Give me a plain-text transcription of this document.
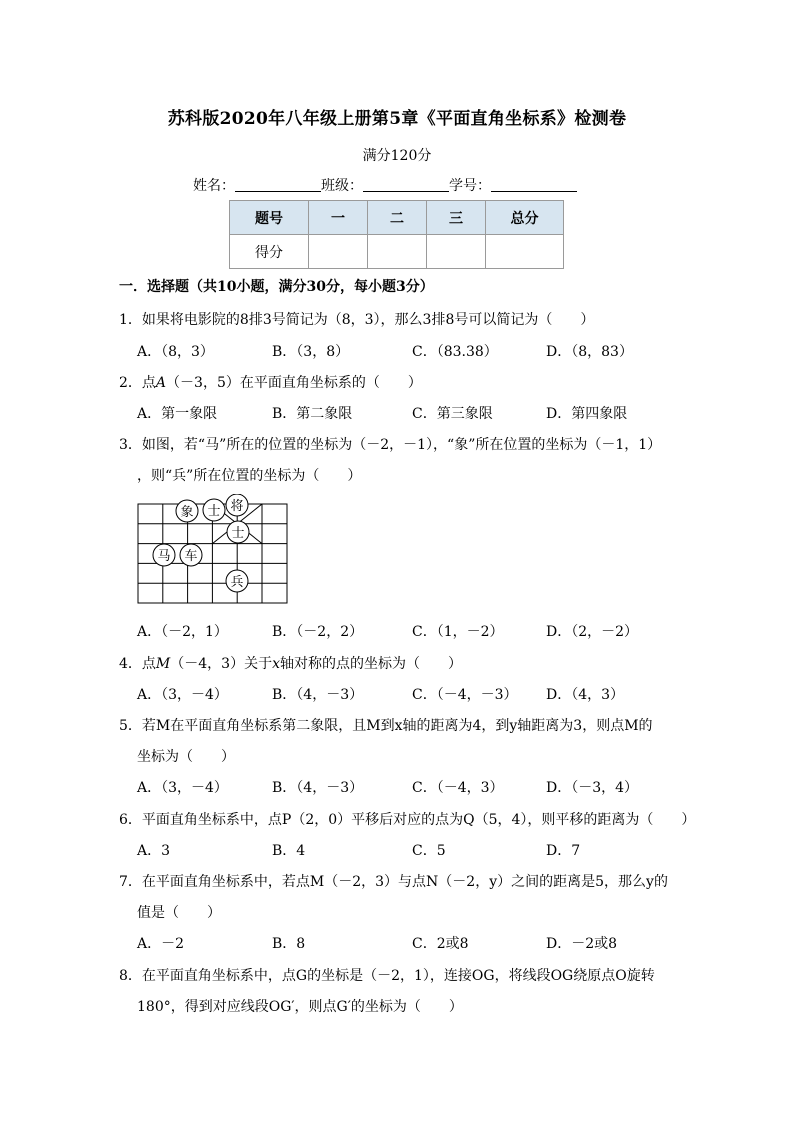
苏科版2020年八年级上册第5章《平面直角坐标系》检测卷
满分120分
姓名：	班级：	学号：
题号	一	二	三	总分
得分				
一．选择题（共10小题，满分30分，每小题3分）
1．如果将电影院的8排3号简记为（8，3），那么3排8号可以简记为（　　）
A．（8，3）	B．（3，8）	C．（83.38）	D．（8，83）
2．点A（－3，5）在平面直角坐标系的（　　）
A．第一象限	B．第二象限	C．第三象限	D．第四象限
3．如图，若“马”所在的位置的坐标为（－2，－1），“象”所在位置的坐标为（－1，1）
，则“兵”所在位置的坐标为（　　）
象 士 将
士
马 车
兵
A．（－2，1）	B．（－2，2）	C．（1，－2）	D．（2，－2）
4．点M（－4，3）关于x轴对称的点的坐标为（　　）
A．（3，－4）	B．（4，－3）	C．（－4，－3） D．（4，3）
5．若M在平面直角坐标系第二象限，且M到x轴的距离为4，到y轴距离为3，则点M的
坐标为（　　）
A．（3，－4）	B．（4，－3）	C．（－4，3）	D．（－3，4）
6．平面直角坐标系中，点P（2，0）平移后对应的点为Q（5，4），则平移的距离为（　　）
A．3	B．4	C．5	D．7
7．在平面直角坐标系中，若点M（－2，3）与点N（－2，y）之间的距离是5，那么y的
值是（　　）
A．－2	B．8	C．2或8	D．－2或8
8．在平面直角坐标系中，点G的坐标是（－2，1），连接OG，将线段OG绕原点O旋转
180°，得到对应线段OG′，则点G′的坐标为（　　）
